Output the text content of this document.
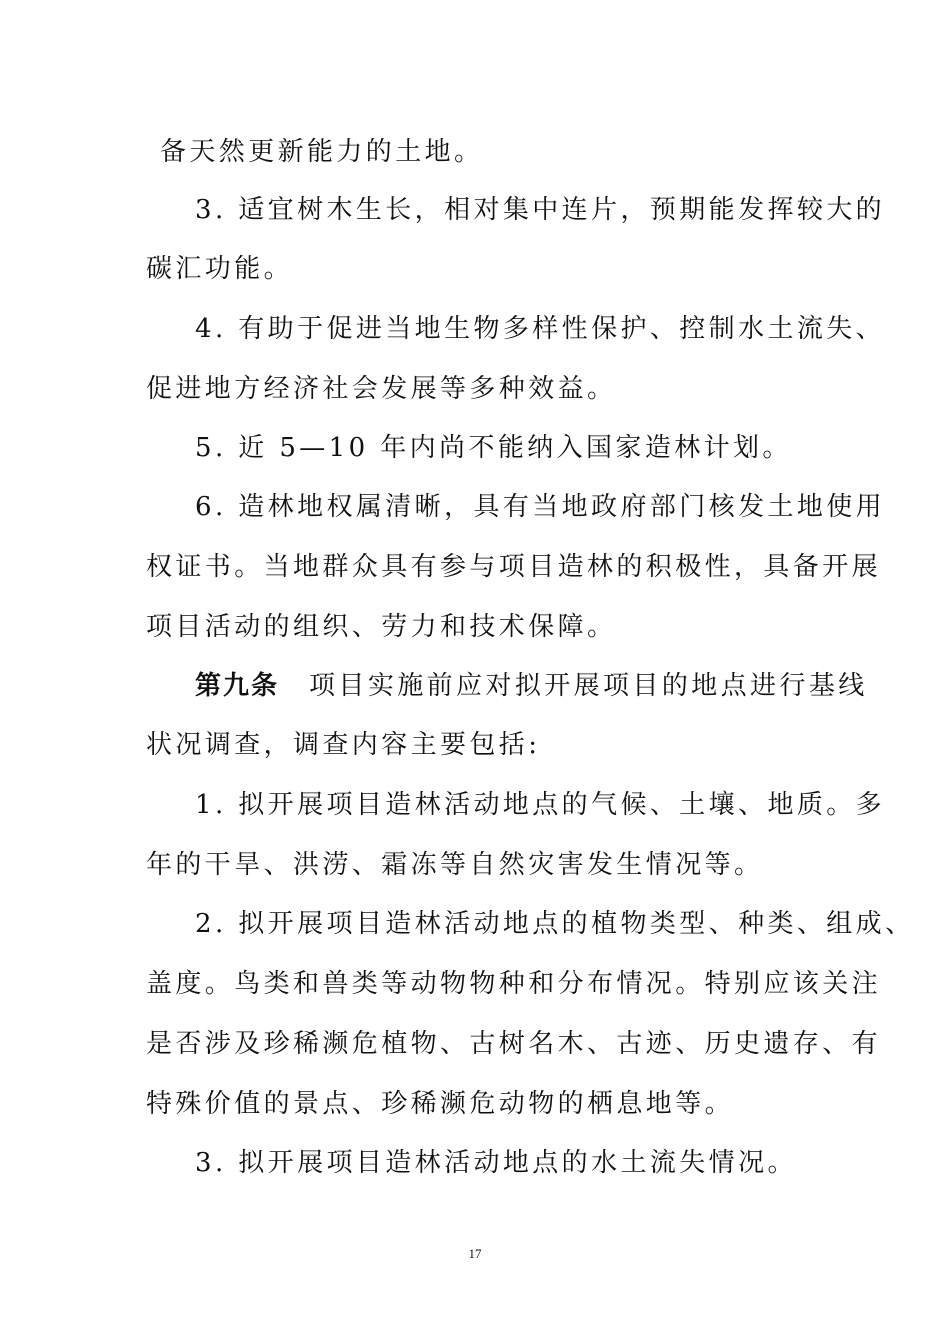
备天然更新能力的土地。
3. 适宜树木生长，相对集中连片，预期能发挥较大的
碳汇功能。
4. 有助于促进当地生物多样性保护、控制水土流失、
促进地方经济社会发展等多种效益。
5. 近 5—10 年内尚不能纳入国家造林计划。
6. 造林地权属清晰，具有当地政府部门核发土地使用
权证书。当地群众具有参与项目造林的积极性，具备开展
项目活动的组织、劳力和技术保障。
第九条 项目实施前应对拟开展项目的地点进行基线
状况调查，调查内容主要包括:
1. 拟开展项目造林活动地点的气候、土壤、地质。多
年的干旱、洪涝、霜冻等自然灾害发生情况等。
2. 拟开展项目造林活动地点的植物类型、种类、组成、
盖度。鸟类和兽类等动物物种和分布情况。特别应该关注
是否涉及珍稀濒危植物、古树名木、古迹、历史遗存、有
特殊价值的景点、珍稀濒危动物的栖息地等。
3. 拟开展项目造林活动地点的水土流失情况。
17
